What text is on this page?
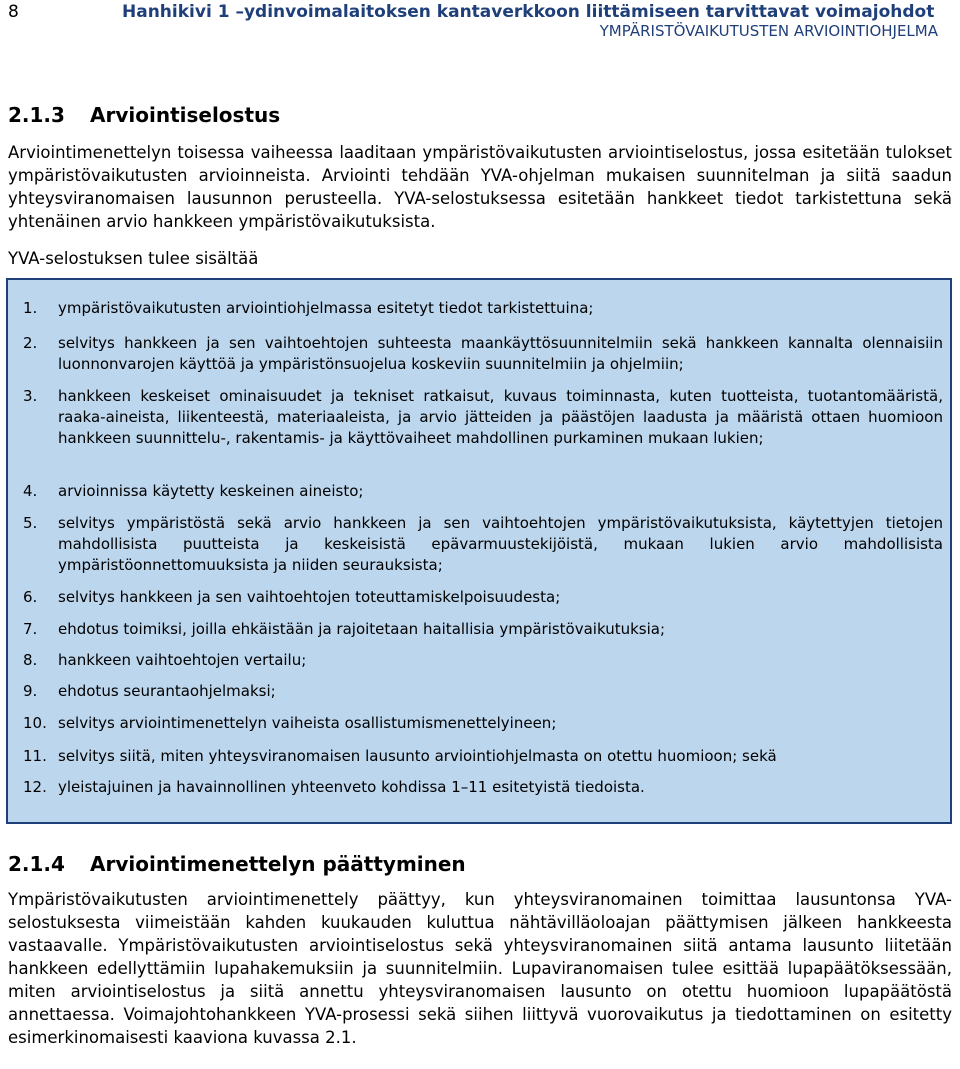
8	Hanhikivi 1 –ydinvoimalaitoksen kantaverkkoon liittämiseen tarvittavat voimajohdot
YMPÄRISTÖVAIKUTUSTEN ARVIOINTIOHJELMA
2.1.3 Arviointiselostus

Arviointimenettelyn toisessa vaiheessa laaditaan ympäristövaikutusten arviointiselostus, jossa esitetään tulokset ympäristövaikutusten arvioinneista. Arviointi tehdään YVA-ohjelman mukaisen suunnitelman ja siitä saadun yhteysviranomaisen lausunnon perusteella. YVA-selostuksessa esitetään hankkeet tiedot tarkistettuna sekä yhtenäinen arvio hankkeen ympäristövaikutuksista.

YVA-selostuksen tulee sisältää

1. ympäristövaikutusten arviointiohjelmassa esitetyt tiedot tarkistettuina;
2. selvitys hankkeen ja sen vaihtoehtojen suhteesta maankäyttösuunnitelmiin sekä hankkeen kannalta olennaisiin luonnonvarojen käyttöä ja ympäristönsuojelua koskeviin suunnitelmiin ja ohjelmiin;
3. hankkeen keskeiset ominaisuudet ja tekniset ratkaisut, kuvaus toiminnasta, kuten tuotteista, tuotantomääristä, raaka-aineista, liikenteestä, materiaaleista, ja arvio jätteiden ja päästöjen laadusta ja määristä ottaen huomioon hankkeen suunnittelu-, rakentamis- ja käyttövaiheet mahdollinen purkaminen mukaan lukien;
4. arvioinnissa käytetty keskeinen aineisto;
5. selvitys ympäristöstä sekä arvio hankkeen ja sen vaihtoehtojen ympäristövaikutuksista, käytettyjen tietojen mahdollisista puutteista ja keskeisistä epävarmuustekijöistä, mukaan lukien arvio mahdollisista ympäristöonnettomuuksista ja niiden seurauksista;
6. selvitys hankkeen ja sen vaihtoehtojen toteuttamiskelpoisuudesta;
7. ehdotus toimiksi, joilla ehkäistään ja rajoitetaan haitallisia ympäristövaikutuksia;
8. hankkeen vaihtoehtojen vertailu;
9. ehdotus seurantaohjelmaksi;
10. selvitys arviointimenettelyn vaiheista osallistumismenettelyineen;
11. selvitys siitä, miten yhteysviranomaisen lausunto arviointiohjelmasta on otettu huomioon; sekä
12. yleistajuinen ja havainnollinen yhteenveto kohdissa 1–11 esitetyistä tiedoista.
2.1.4 Arviointimenettelyn päättyminen

Ympäristövaikutusten arviointimenettely päättyy, kun yhteysviranomainen toimittaa lausuntonsa YVA-selostuksesta viimeistään kahden kuukauden kuluttua nähtävilläoloajan päättymisen jälkeen hankkeesta vastaavalle. Ympäristövaikutusten arviointiselostus sekä yhteysviranomainen siitä antama lausunto liitetään hankkeen edellyttämiin lupahakemuksiin ja suunnitelmiin. Lupaviranomaisen tulee esittää lupapäätöksessään, miten arviointiselostus ja siitä annettu yhteysviranomaisen lausunto on otettu huomioon lupapäätöstä annettaessa. Voimajohtohankkeen YVA-prosessi sekä siihen liittyvä vuorovaikutus ja tiedottaminen on esitetty esimerkinomaisesti kaaviona kuvassa 2.1.
